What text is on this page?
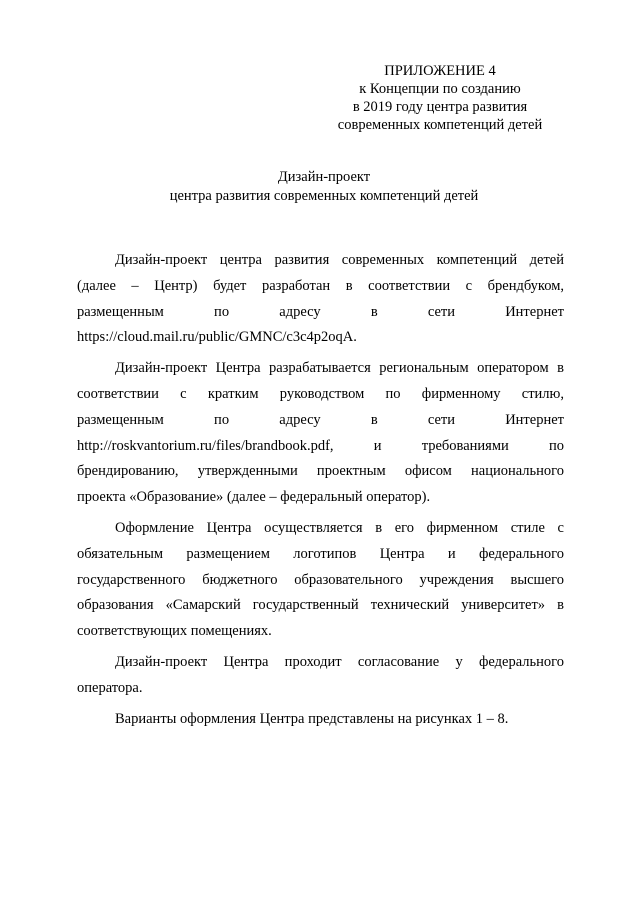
ПРИЛОЖЕНИЕ 4
к Концепции по созданию
в 2019 году центра развития
современных компетенций детей
Дизайн-проект
центра развития современных компетенций детей

Дизайн-проект центра развития современных компетенций детей
(далее – Центр) будет разработан в соответствии с брендбуком,
размещенным по адресу в сети Интернет
https://cloud.mail.ru/public/GMNC/c3c4p2oqA.

Дизайн-проект Центра разрабатывается региональным оператором в
соответствии с кратким руководством по фирменному стилю,
размещенным по адресу в сети Интернет
http://roskvantorium.ru/files/brandbook.pdf, и требованиями по
брендированию, утвержденными проектным офисом национального
проекта «Образование» (далее – федеральный оператор).

Оформление Центра осуществляется в его фирменном стиле с
обязательным размещением логотипов Центра и федерального
государственного бюджетного образовательного учреждения высшего
образования «Самарский государственный технический университет» в
соответствующих помещениях.

Дизайн-проект Центра проходит согласование у федерального
оператора.

Варианты оформления Центра представлены на рисунках 1 – 8.
